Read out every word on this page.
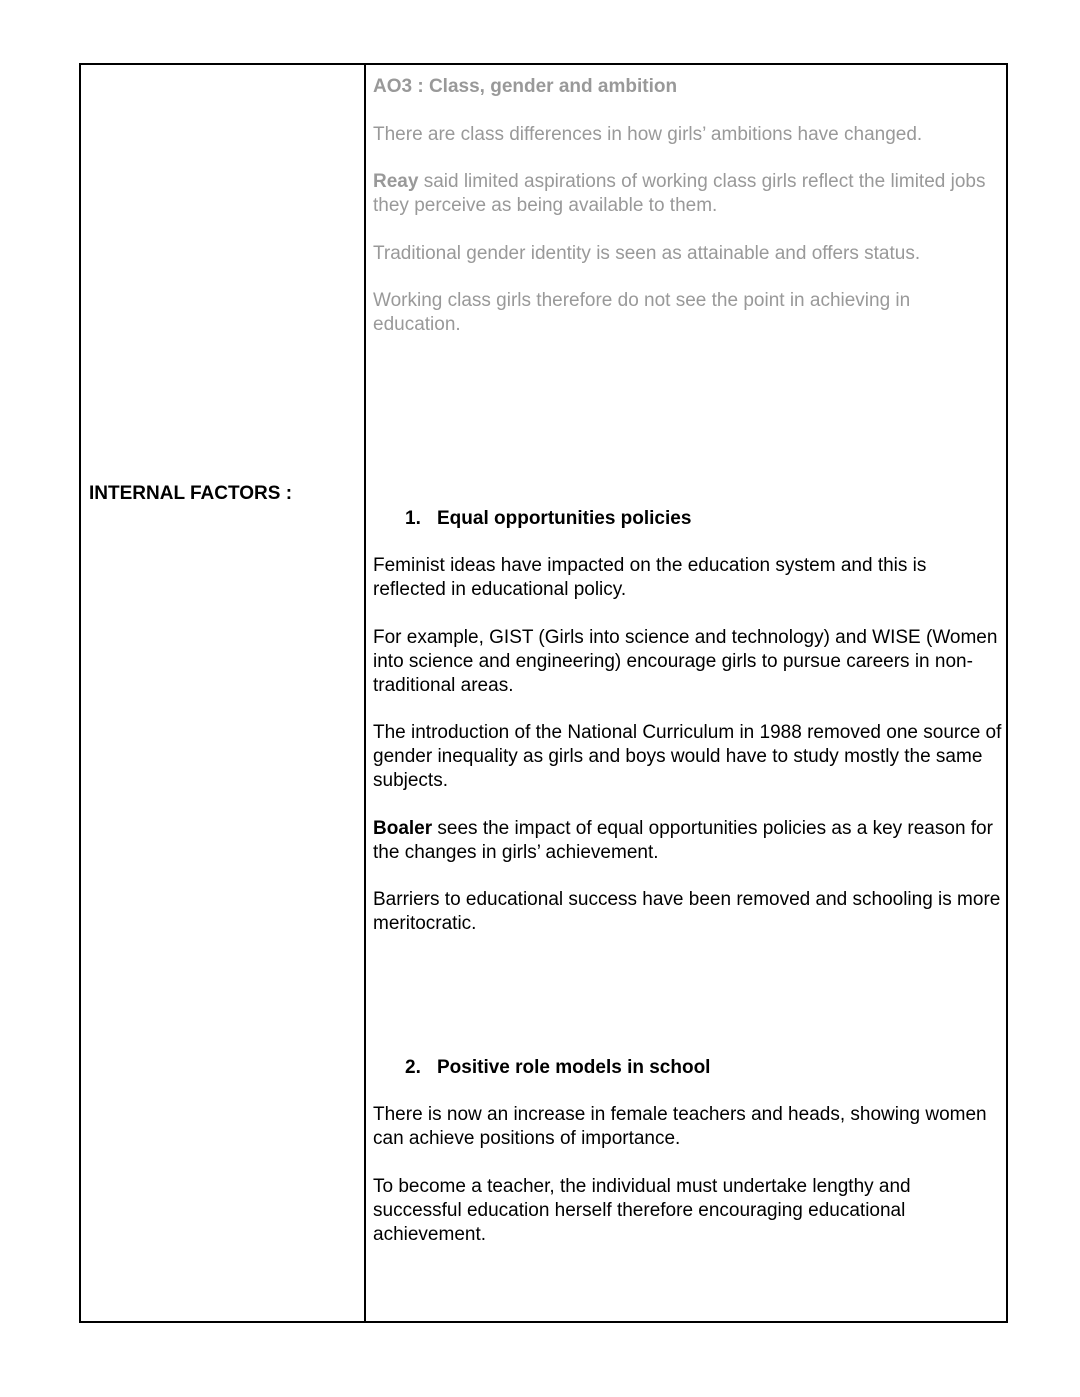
INTERNAL FACTORS :
AO3 : Class, gender and ambition

There are class differences in how girls’ ambitions have changed.

Reay said limited aspirations of working class girls reflect the limited jobs they perceive as being available to them.

Traditional gender identity is seen as attainable and offers status.

Working class girls therefore do not see the point in achieving in education.

1. Equal opportunities policies

Feminist ideas have impacted on the education system and this is reflected in educational policy.

For example, GIST (Girls into science and technology) and WISE (Women into science and engineering) encourage girls to pursue careers in non-traditional areas.

The introduction of the National Curriculum in 1988 removed one source of gender inequality as girls and boys would have to study mostly the same subjects.

Boaler sees the impact of equal opportunities policies as a key reason for the changes in girls’ achievement.

Barriers to educational success have been removed and schooling is more meritocratic.

2. Positive role models in school

There is now an increase in female teachers and heads, showing women can achieve positions of importance.

To become a teacher, the individual must undertake lengthy and successful education herself therefore encouraging educational achievement.
